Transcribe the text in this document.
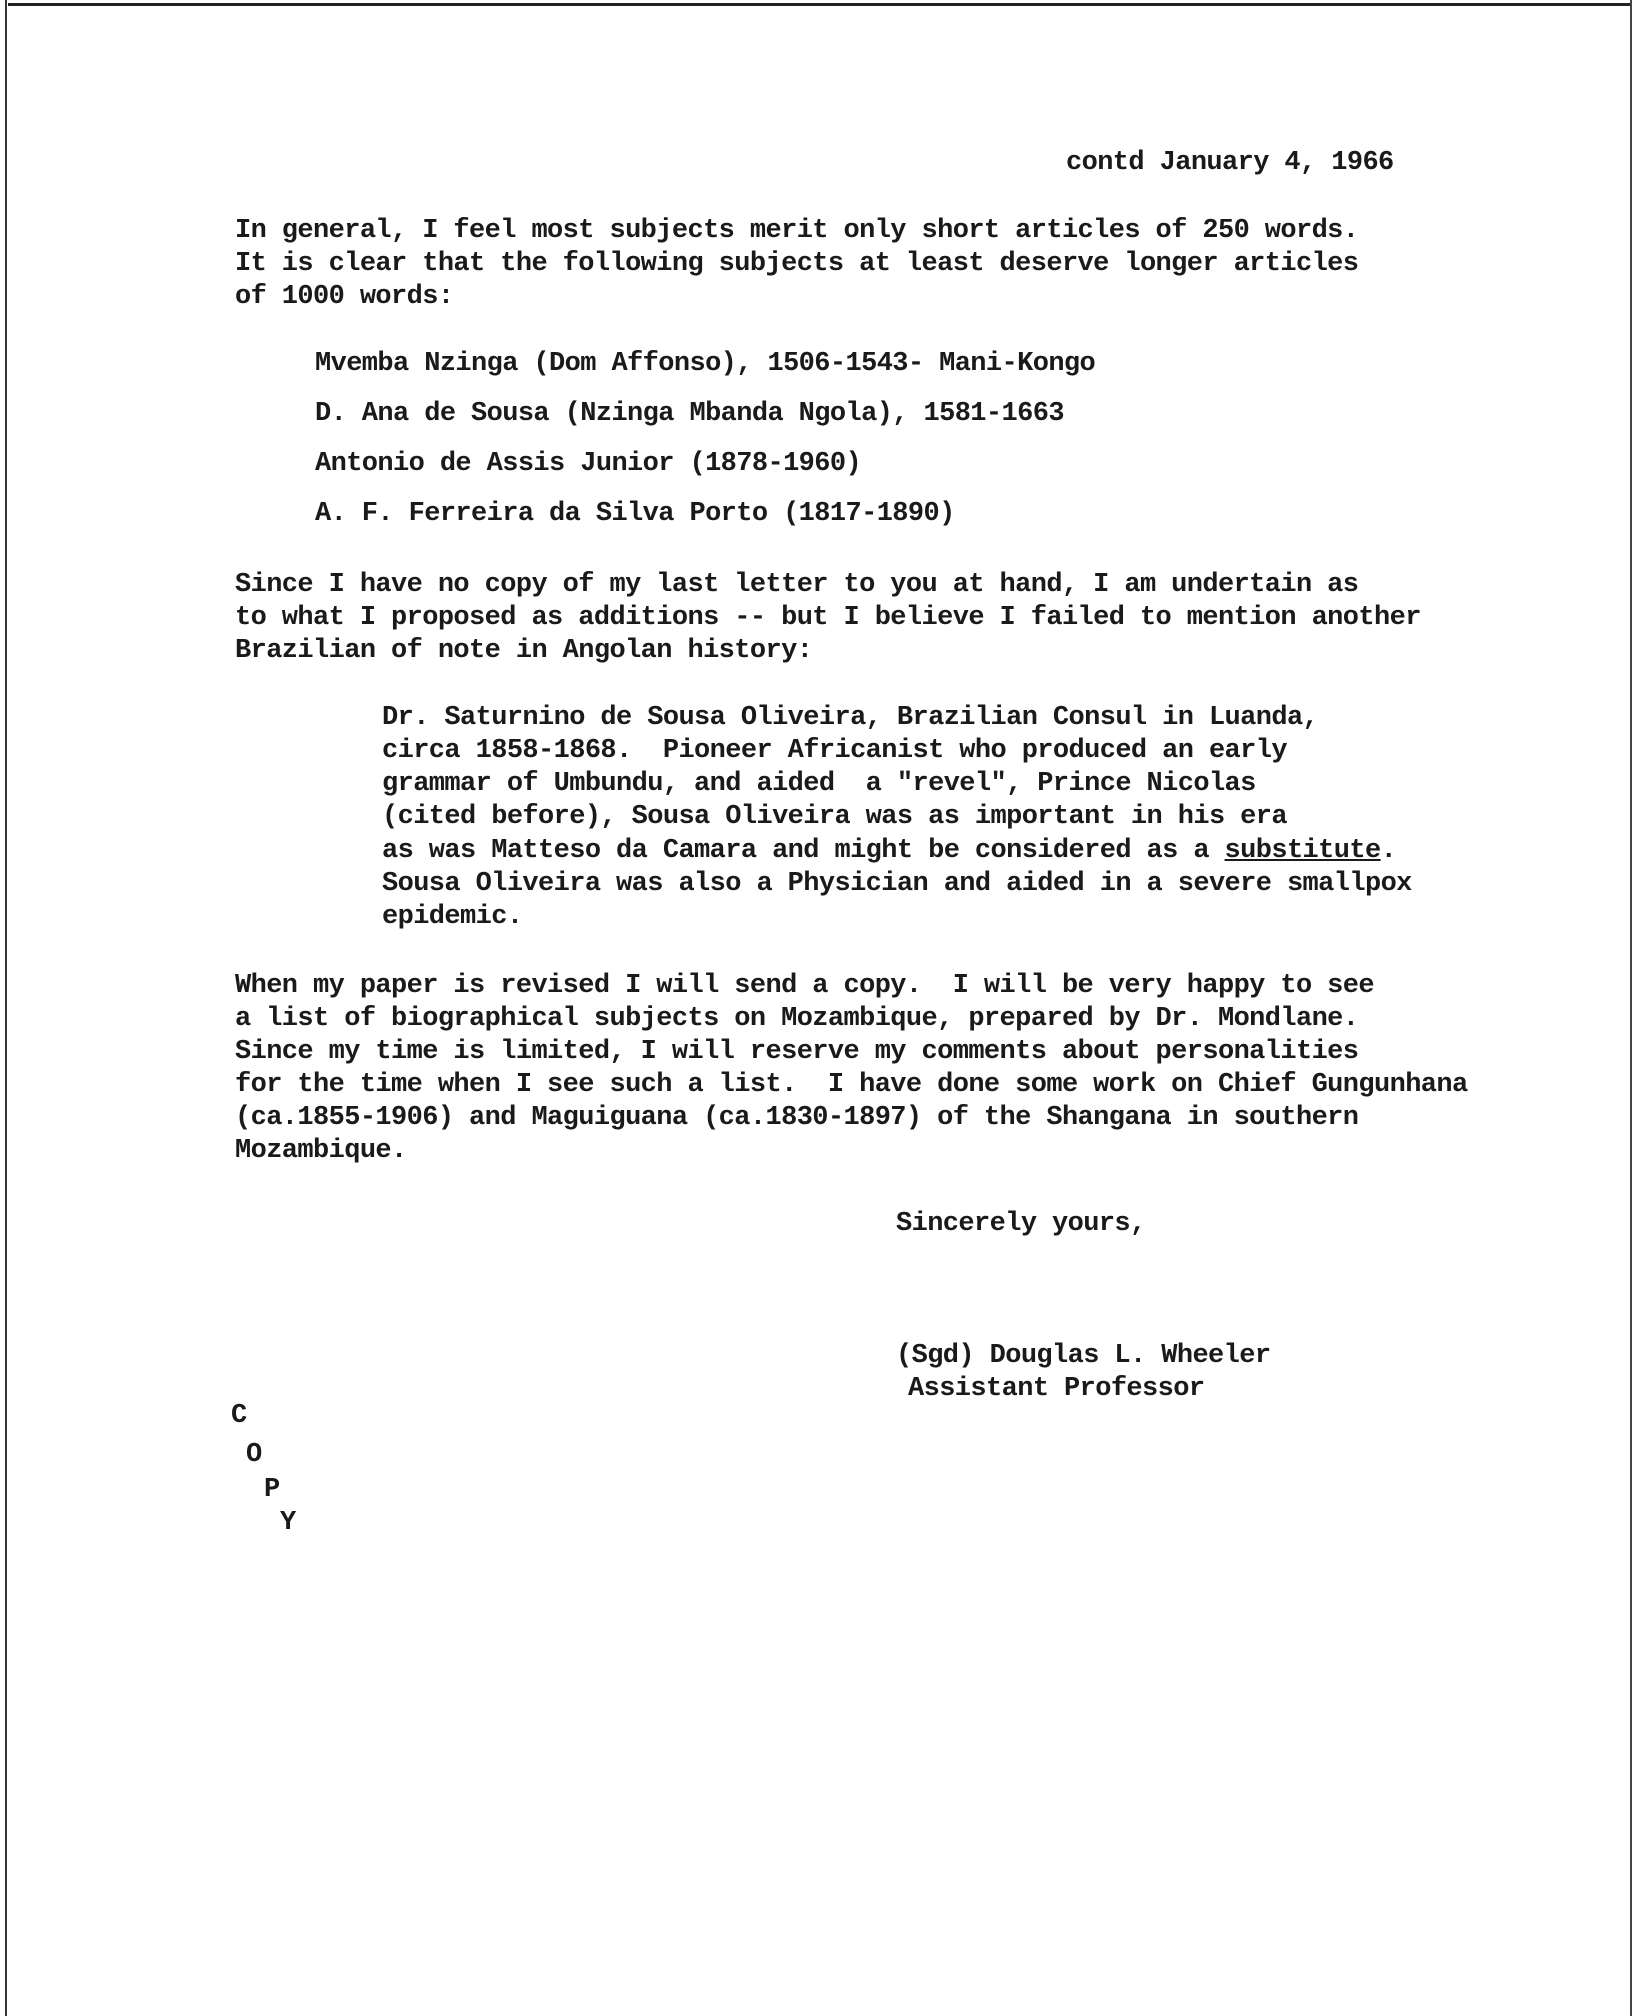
contd January 4, 1966
In general, I feel most subjects merit only short articles of 250 words.
It is clear that the following subjects at least deserve longer articles
of 1000 words:
Mvemba Nzinga (Dom Affonso), 1506-1543- Mani-Kongo
D. Ana de Sousa (Nzinga Mbanda Ngola), 1581-1663
Antonio de Assis Junior (1878-1960)
A. F. Ferreira da Silva Porto (1817-1890)
Since I have no copy of my last letter to you at hand, I am undertain as
to what I proposed as additions -- but I believe I failed to mention another
Brazilian of note in Angolan history:
Dr. Saturnino de Sousa Oliveira, Brazilian Consul in Luanda,
circa 1858-1868.  Pioneer Africanist who produced an early
grammar of Umbundu, and aided  a "revel", Prince Nicolas
(cited before), Sousa Oliveira was as important in his era
as was Matteso da Camara and might be considered as a substitute.
Sousa Oliveira was also a Physician and aided in a severe smallpox
epidemic.
When my paper is revised I will send a copy.  I will be very happy to see
a list of biographical subjects on Mozambique, prepared by Dr. Mondlane.
Since my time is limited, I will reserve my comments about personalities
for the time when I see such a list.  I have done some work on Chief Gungunhana
(ca.1855-1906) and Maguiguana (ca.1830-1897) of the Shangana in southern
Mozambique.
Sincerely yours,
(Sgd) Douglas L. Wheeler
Assistant Professor
C
O
P
Y
